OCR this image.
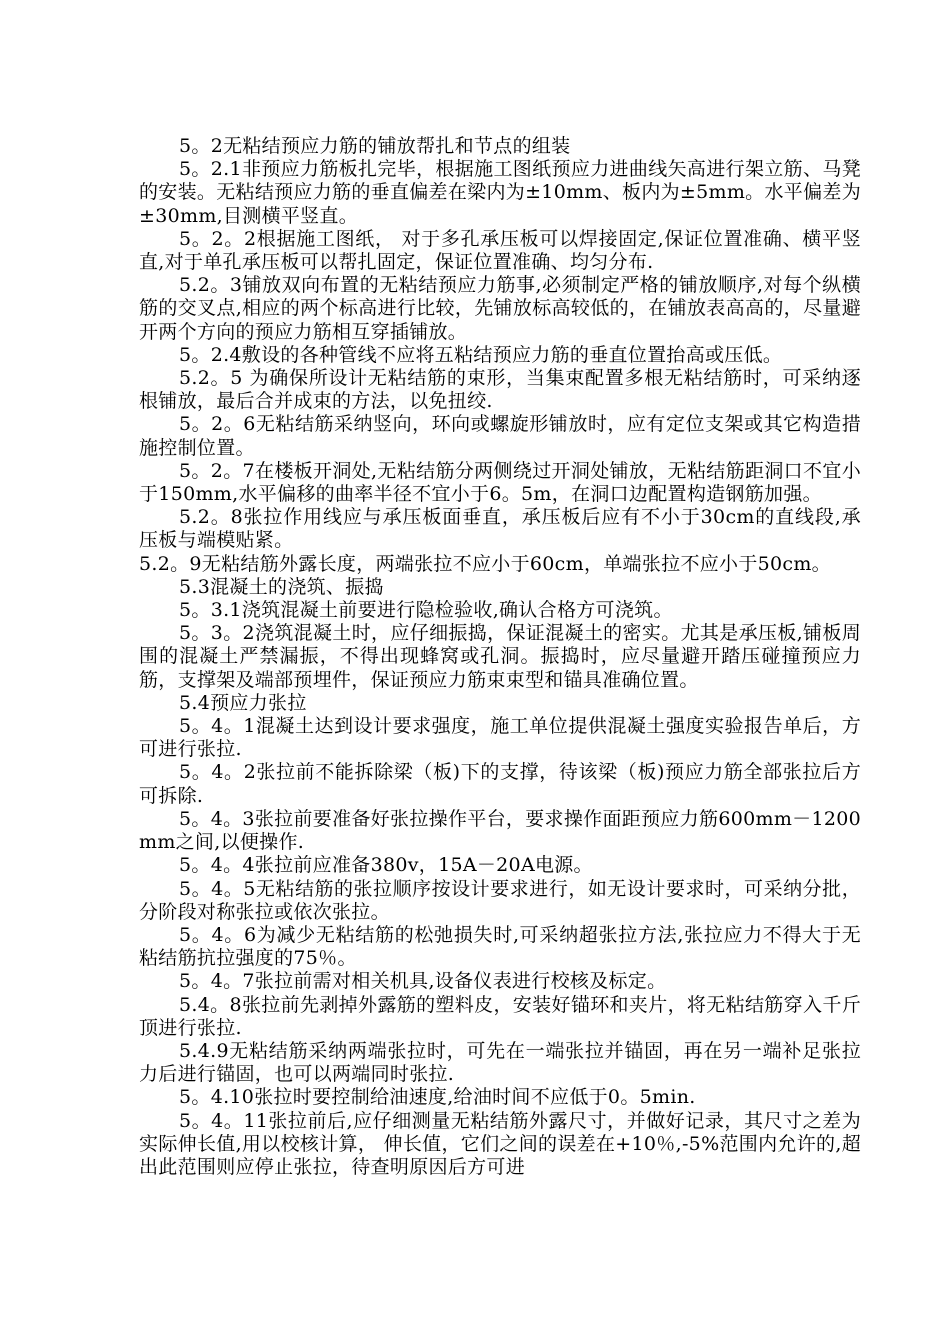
5。2无粘结预应力筋的铺放帮扎和节点的组装

5。2.1非预应力筋板扎完毕，根据施工图纸预应力进曲线矢高进行架立筋、马凳的安装。无粘结预应力筋的垂直偏差在梁内为±10mm、板内为±5mm。水平偏差为±30mm,目测横平竖直。

5。2。2根据施工图纸， 对于多孔承压板可以焊接固定,保证位置准确、横平竖直,对于单孔承压板可以帮扎固定，保证位置准确、均匀分布.

5.2。3铺放双向布置的无粘结预应力筋事,必须制定严格的铺放顺序,对每个纵横筋的交叉点,相应的两个标高进行比较，先铺放标高较低的，在铺放表高高的，尽量避开两个方向的预应力筋相互穿插铺放。

5。2.4敷设的各种管线不应将五粘结预应力筋的垂直位置抬高或压低。

5.2。5 为确保所设计无粘结筋的束形，当集束配置多根无粘结筋时，可采纳逐根铺放，最后合并成束的方法，以免扭绞.

5。2。6无粘结筋采纳竖向，环向或螺旋形铺放时，应有定位支架或其它构造措施控制位置。

5。2。7在楼板开洞处,无粘结筋分两侧绕过开洞处铺放，无粘结筋距洞口不宜小于150mm,水平偏移的曲率半径不宜小于6。5m，在洞口边配置构造钢筋加强。

5.2。8张拉作用线应与承压板面垂直，承压板后应有不小于30cm的直线段,承压板与端模贴紧。

5.2。9无粘结筋外露长度，两端张拉不应小于60cm，单端张拉不应小于50cm。

5.3混凝土的浇筑、振捣

5。3.1浇筑混凝土前要进行隐检验收,确认合格方可浇筑。

5。3。2浇筑混凝土时，应仔细振捣，保证混凝土的密实。尤其是承压板,铺板周围的混凝土严禁漏振，不得出现蜂窝或孔洞。振捣时，应尽量避开踏压碰撞预应力筋，支撑架及端部预埋件，保证预应力筋束束型和锚具准确位置。

5.4预应力张拉

5。4。1混凝土达到设计要求强度，施工单位提供混凝土强度实验报告单后，方可进行张拉.

5。4。2张拉前不能拆除梁（板)下的支撑，待该梁（板)预应力筋全部张拉后方可拆除.

5。4。3张拉前要准备好张拉操作平台，要求操作面距预应力筋600mm－1200mm之间,以便操作.

5。4。4张拉前应准备380v，15A－20A电源。

5。4。5无粘结筋的张拉顺序按设计要求进行，如无设计要求时，可采纳分批，分阶段对称张拉或依次张拉。

5。4。6为减少无粘结筋的松弛损失时,可采纳超张拉方法,张拉应力不得大于无粘结筋抗拉强度的75％。

5。4。7张拉前需对相关机具,设备仪表进行校核及标定。

5.4。8张拉前先剥掉外露筋的塑料皮，安装好锚环和夹片，将无粘结筋穿入千斤顶进行张拉.

5.4.9无粘结筋采纳两端张拉时，可先在一端张拉并锚固，再在另一端补足张拉力后进行锚固，也可以两端同时张拉.

5。4.10张拉时要控制给油速度,给油时间不应低于0。5min.

5。4。11张拉前后,应仔细测量无粘结筋外露尺寸，并做好记录，其尺寸之差为实际伸长值,用以校核计算， 伸长值，它们之间的误差在+10％,-5%范围内允许的,超出此范围则应停止张拉，待查明原因后方可进
